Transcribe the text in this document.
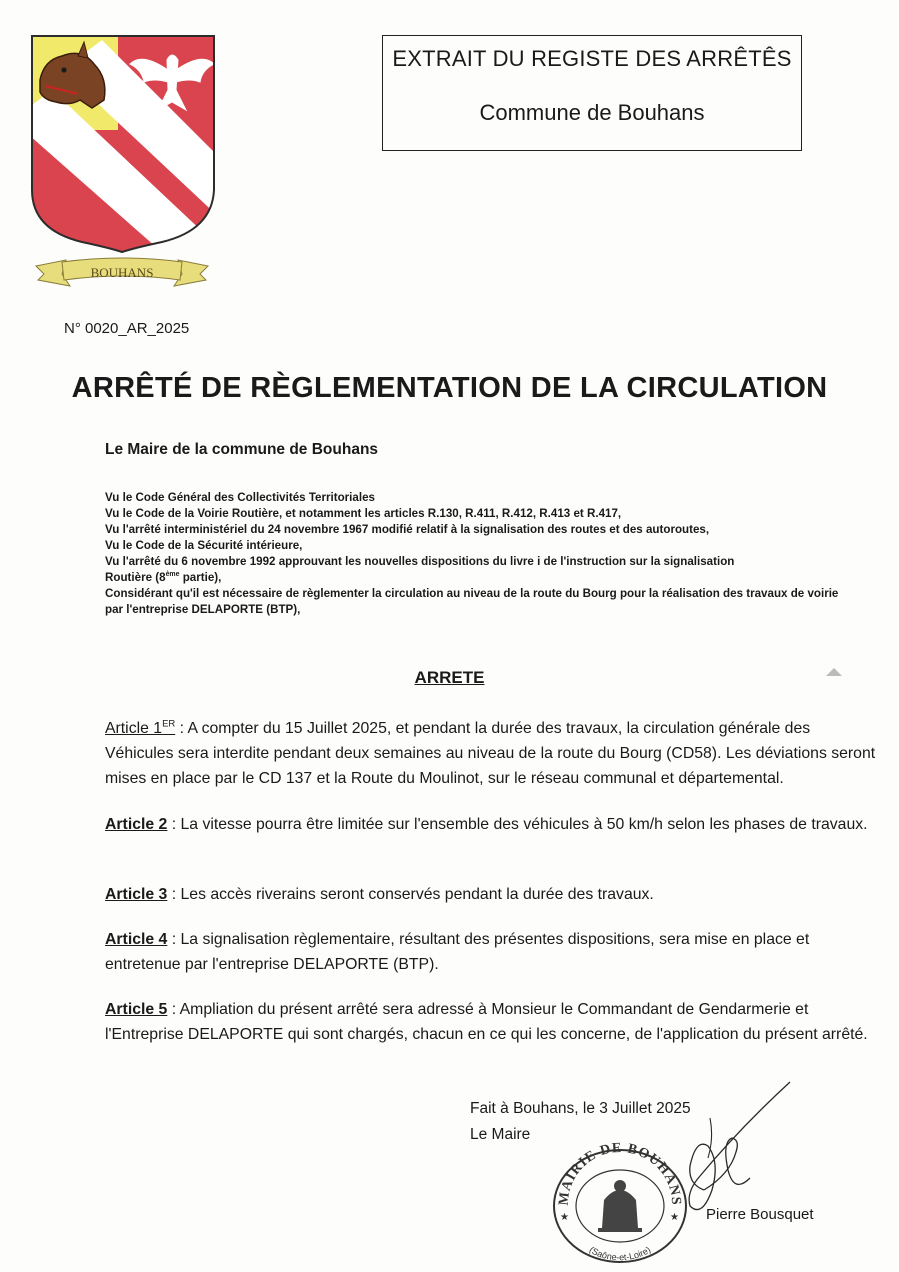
BOUHANS
EXTRAIT DU REGISTE DES ARRÊTÊS
Commune de Bouhans
N° 0020_AR_2025
ARRÊTÉ DE RÈGLEMENTATION DE LA CIRCULATION
Le Maire de la commune de Bouhans
Vu le Code Général des Collectivités Territoriales
Vu le Code de la Voirie Routière, et notamment les articles R.130, R.411, R.412, R.413 et R.417,
Vu l'arrêté interministériel du 24 novembre 1967 modifié relatif à la signalisation des routes et des autoroutes,
Vu le Code de la Sécurité intérieure,
Vu l'arrêté du 6 novembre 1992 approuvant les nouvelles dispositions du livre i de l'instruction sur la signalisation
Routière (8ème partie),
Considérant qu'il est nécessaire de règlementer la circulation au niveau de la route du Bourg pour la réalisation des travaux de voirie
par l'entreprise DELAPORTE (BTP),
ARRETE
Article 1ER : A compter du 15 Juillet 2025, et pendant la durée des travaux, la circulation générale des Véhicules sera interdite pendant deux semaines au niveau de la route du Bourg (CD58). Les déviations seront mises en place par le CD 137 et la Route du Moulinot, sur le réseau communal et départemental.
Article 2 : La vitesse pourra être limitée sur l'ensemble des véhicules à 50 km/h selon les phases de travaux.
Article 3 : Les accès riverains seront conservés pendant la durée des travaux.
Article 4 : La signalisation règlementaire, résultant des présentes dispositions, sera mise en place et entretenue par l'entreprise DELAPORTE (BTP).
Article 5 : Ampliation du présent arrêté sera adressé à Monsieur le Commandant de Gendarmerie et l'Entreprise DELAPORTE qui sont chargés, chacun en ce qui les concerne, de l'application du présent arrêté.
Fait à Bouhans, le 3 Juillet 2025
Le Maire
MAIRIE DE BOUHANS
(Saône-et-Loire)
★	★ Pierre Bousquet
